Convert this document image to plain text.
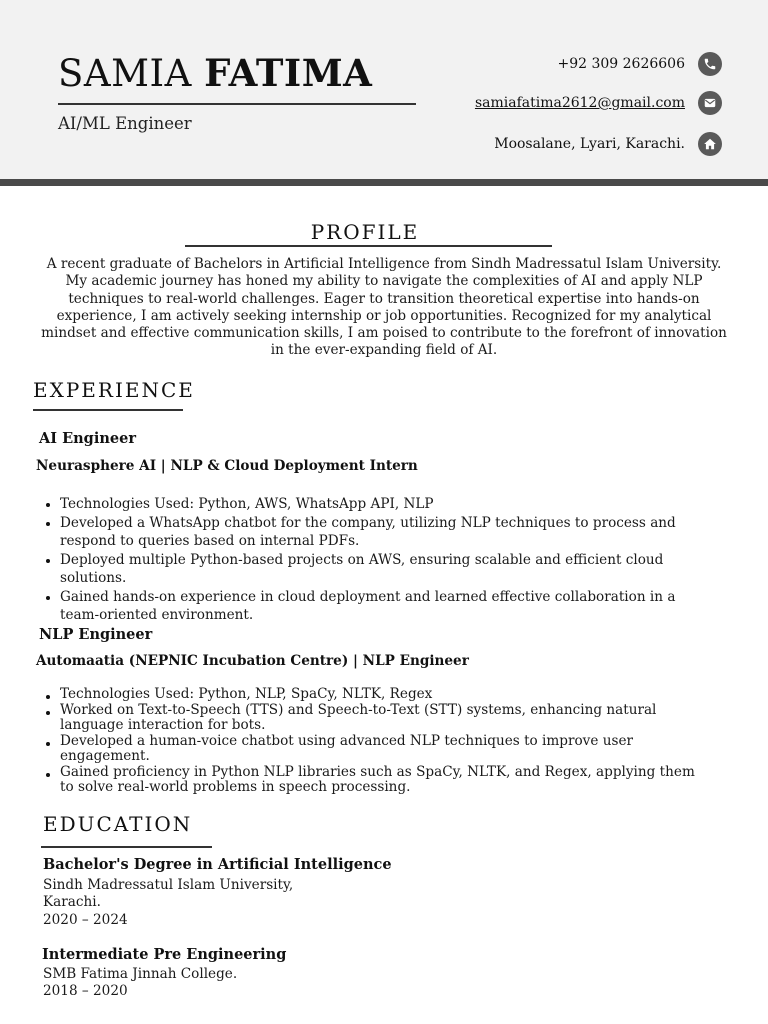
SAMIA FATIMA
AI/ML Engineer
+92 309 2626606
samiafatima2612@gmail.com
Moosalane, Lyari, Karachi.
PROFILE
A recent graduate of Bachelors in Artificial Intelligence from Sindh Madressatul Islam University. My academic journey has honed my ability to navigate the complexities of AI and apply NLP techniques to real-world challenges. Eager to transition theoretical expertise into hands-on experience, I am actively seeking internship or job opportunities. Recognized for my analytical mindset and effective communication skills, I am poised to contribute to the forefront of innovation in the ever-expanding field of AI.
EXPERIENCE
AI Engineer
Neurasphere AI | NLP & Cloud Deployment Intern
Technologies Used: Python, AWS, WhatsApp API, NLP
Developed a WhatsApp chatbot for the company, utilizing NLP techniques to process and respond to queries based on internal PDFs.
Deployed multiple Python-based projects on AWS, ensuring scalable and efficient cloud solutions.
Gained hands-on experience in cloud deployment and learned effective collaboration in a team-oriented environment.
NLP Engineer
Automaatia (NEPNIC Incubation Centre) | NLP Engineer
Technologies Used: Python, NLP, SpaCy, NLTK, Regex
Worked on Text-to-Speech (TTS) and Speech-to-Text (STT) systems, enhancing natural language interaction for bots.
Developed a human-voice chatbot using advanced NLP techniques to improve user engagement.
Gained proficiency in Python NLP libraries such as SpaCy, NLTK, and Regex, applying them to solve real-world problems in speech processing.
EDUCATION
Bachelor's Degree in Artificial Intelligence
Sindh Madressatul Islam University,
Karachi.
2020 – 2024
Intermediate Pre Engineering
SMB Fatima Jinnah College.
2018 – 2020
